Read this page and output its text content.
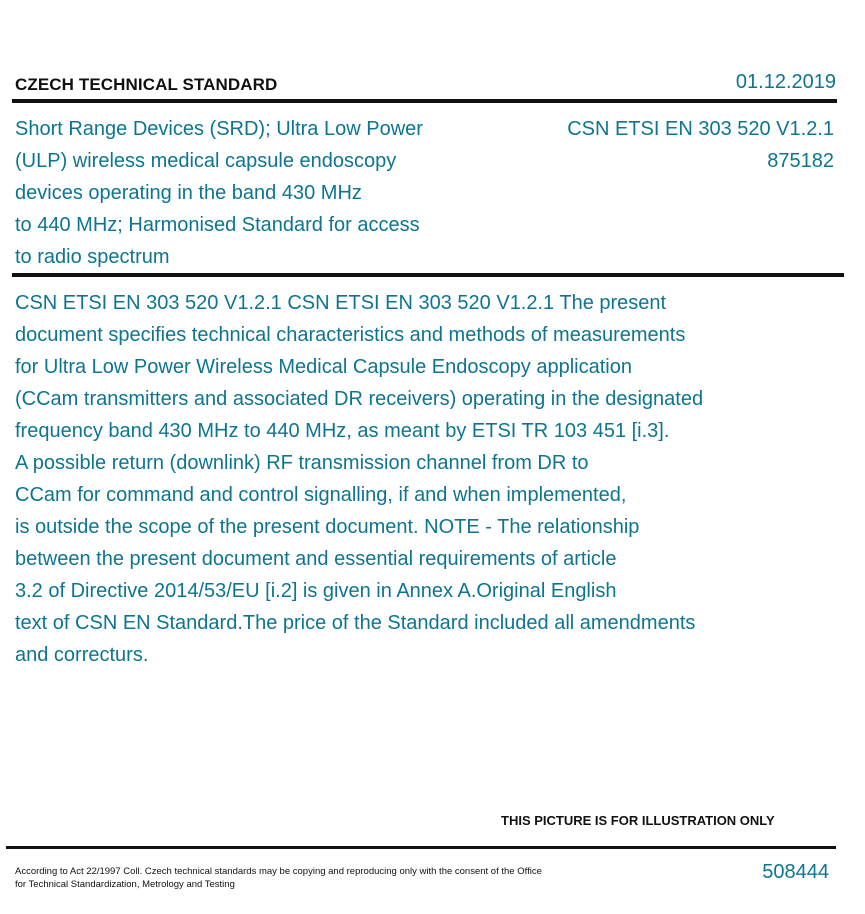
CZECH TECHNICAL STANDARD	01.12.2019
Short Range Devices (SRD); Ultra Low Power
(ULP) wireless medical capsule endoscopy
devices operating in the band 430 MHz
to 440 MHz; Harmonised Standard for access
to radio spectrum
CSN ETSI EN 303 520 V1.2.1
875182
CSN ETSI EN 303 520 V1.2.1 CSN ETSI EN 303 520 V1.2.1 The present
document specifies technical characteristics and methods of measurements
for Ultra Low Power Wireless Medical Capsule Endoscopy application
(CCam transmitters and associated DR receivers) operating in the designated
frequency band 430 MHz to 440 MHz, as meant by ETSI TR 103 451 [i.3].
A possible return (downlink) RF transmission channel from DR to
CCam for command and control signalling, if and when implemented,
is outside the scope of the present document. NOTE - The relationship
between the present document and essential requirements of article
3.2 of Directive 2014/53/EU [i.2] is given in Annex A.Original English
text of CSN EN Standard.The price of the Standard included all amendments
and correcturs.
THIS PICTURE IS FOR ILLUSTRATION ONLY
According to Act 22/1997 Coll. Czech technical standards may be copying and reproducing only with the consent of the Office
for Technical Standardization, Metrology and Testing
508444
